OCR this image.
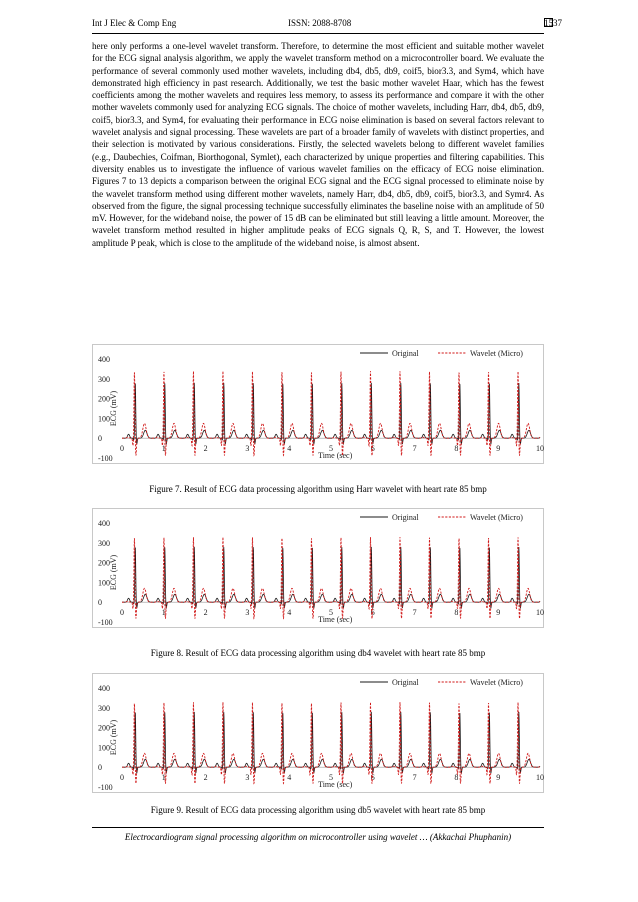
Int J Elec & Comp Eng	ISSN: 2088-8708	1537
here only performs a one-level wavelet transform. Therefore, to determine the most efficient and suitable mother wavelet for the ECG signal analysis algorithm, we apply the wavelet transform method on a microcontroller board. We evaluate the performance of several commonly used mother wavelets, including db4, db5, db9, coif5, bior3.3, and Sym4, which have demonstrated high efficiency in past research. Additionally, we test the basic mother wavelet Haar, which has the fewest coefficients among the mother wavelets and requires less memory, to assess its performance and compare it with the other mother wavelets commonly used for analyzing ECG signals. The choice of mother wavelets, including Harr, db4, db5, db9, coif5, bior3.3, and Sym4, for evaluating their performance in ECG noise elimination is based on several factors relevant to wavelet analysis and signal processing. These wavelets are part of a broader family of wavelets with distinct properties, and their selection is motivated by various considerations. Firstly, the selected wavelets belong to different wavelet families (e.g., Daubechies, Coifman, Biorthogonal, Symlet), each characterized by unique properties and filtering capabilities. This diversity enables us to investigate the influence of various wavelet families on the efficacy of ECG noise elimination. Figures 7 to 13 depicts a comparison between the original ECG signal and the ECG signal processed to eliminate noise by the wavelet transform method using different mother wavelets, namely Harr, db4, db5, db9, coif5, bior3.3, and Symr4. As observed from the figure, the signal processing technique successfully eliminates the baseline noise with an amplitude of 50 mV. However, for the wideband noise, the power of 15 dB can be eliminated but still leaving a little amount. Moreover, the wavelet transform method resulted in higher amplitude peaks of ECG signals Q, R, S, and T. However, the lowest amplitude P peak, which is close to the amplitude of the wideband noise, is almost absent.
400
300
200
100
0
-100
ECG (mV)
0	1	2	3	4	5	6	7	8	9	10
Time (sec)
Original	Wavelet (Micro)
Figure 7. Result of ECG data processing algorithm using Harr wavelet with heart rate 85 bmp
400
300
200
100
0
-100
ECG (mV)
0	1	2	3	4	5	6	7	8	9	10
Time (sec)
Original	Wavelet (Micro)
Figure 8. Result of ECG data processing algorithm using db4 wavelet with heart rate 85 bmp
400
300
200
100
0
-100
ECG (mV)
0	1	2	3	4	5	6	7	8	9	10
Time (sec)
Original	Wavelet (Micro)
Figure 9. Result of ECG data processing algorithm using db5 wavelet with heart rate 85 bmp
Electrocardiogram signal processing algorithm on microcontroller using wavelet … (Akkachai Phuphanin)
